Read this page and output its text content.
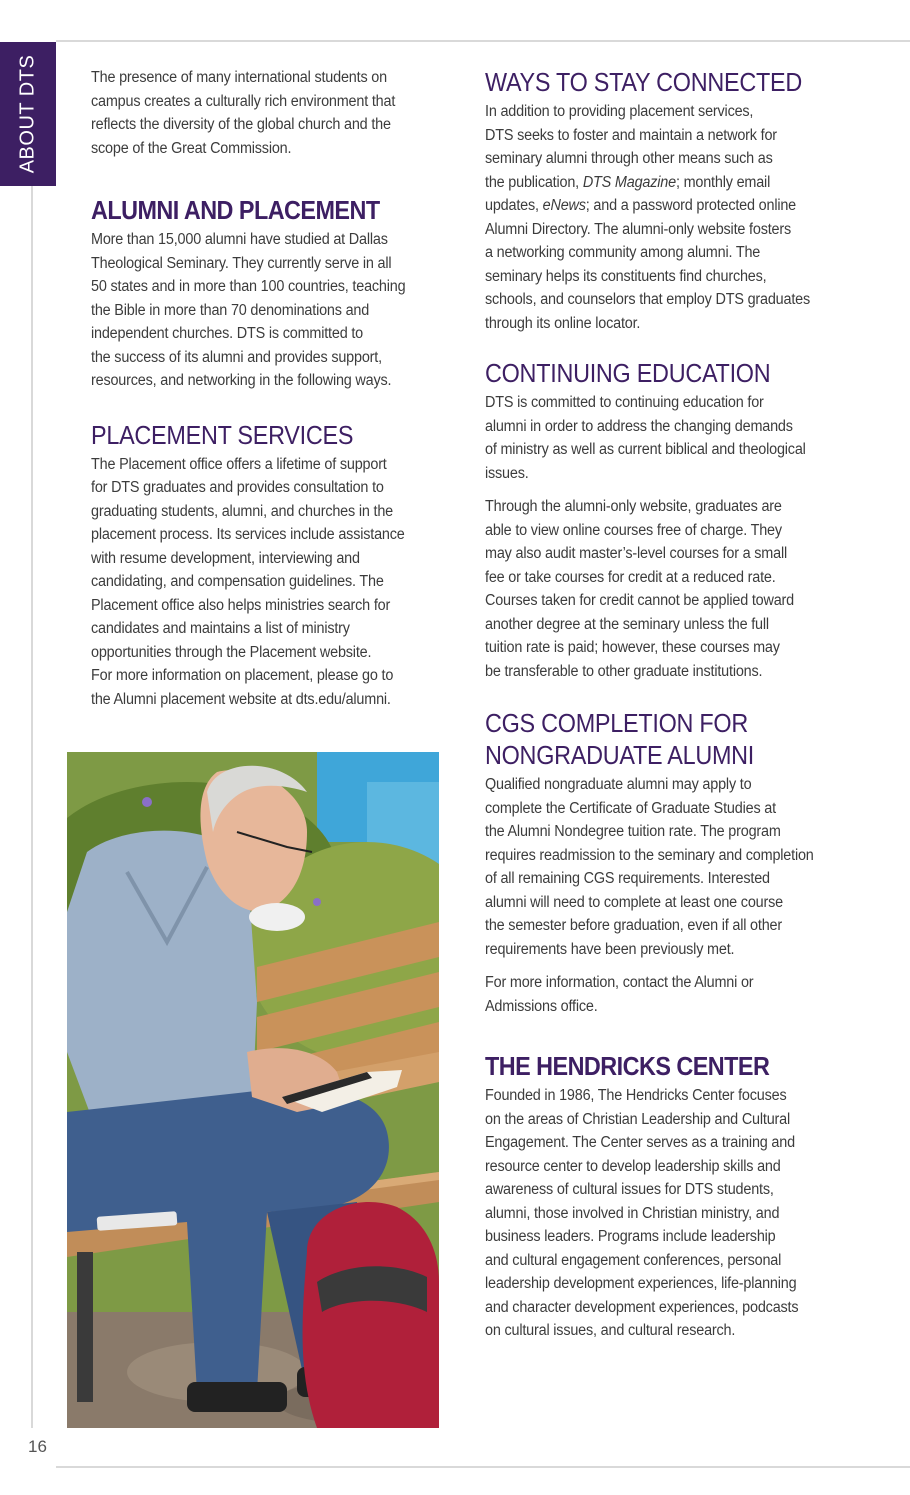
ABOUT DTS	The presence of many international students on
campus creates a culturally rich environment that
reflects the diversity of the global church and the
scope of the Great Commission.

ALUMNI AND PLACEMENT

More than 15,000 alumni have studied at Dallas
Theological Seminary. They currently serve in all
50 states and in more than 100 countries, teaching
the Bible in more than 70 denominations and
independent churches. DTS is committed to
the success of its alumni and provides support,
resources, and networking in the following ways.

PLACEMENT SERVICES

The Placement office offers a lifetime of support
for DTS graduates and provides consultation to
graduating students, alumni, and churches in the
placement process. Its services include assistance
with resume development, interviewing and
candidating, and compensation guidelines. The
Placement office also helps ministries search for
candidates and maintains a list of ministry
opportunities through the Placement website.
For more information on placement, please go to
the Alumni placement website at dts.edu/alumni.

WAYS TO STAY CONNECTED

In addition to providing placement services,
DTS seeks to foster and maintain a network for
seminary alumni through other means such as
the publication, DTS Magazine; monthly email
updates, eNews; and a password protected online
Alumni Directory. The alumni-only website fosters
a networking community among alumni. The
seminary helps its constituents find churches,
schools, and counselors that employ DTS graduates
through its online locator.

CONTINUING EDUCATION

DTS is committed to continuing education for
alumni in order to address the changing demands
of ministry as well as current biblical and theological
issues.

Through the alumni-only website, graduates are
able to view online courses free of charge. They
may also audit master’s-level courses for a small
fee or take courses for credit at a reduced rate.
Courses taken for credit cannot be applied toward
another degree at the seminary unless the full
tuition rate is paid; however, these courses may
be transferable to other graduate institutions.

CGS COMPLETION FOR
NONGRADUATE ALUMNI

Qualified nongraduate alumni may apply to
complete the Certificate of Graduate Studies at
the Alumni Nondegree tuition rate. The program
requires readmission to the seminary and completion
of all remaining CGS requirements. Interested
alumni will need to complete at least one course
the semester before graduation, even if all other
requirements have been previously met.

For more information, contact the Alumni or
Admissions office.

THE HENDRICKS CENTER

Founded in 1986, The Hendricks Center focuses
on the areas of Christian Leadership and Cultural
Engagement. The Center serves as a training and
resource center to develop leadership skills and
awareness of cultural issues for DTS students,
alumni, those involved in Christian ministry, and
business leaders. Programs include leadership
and cultural engagement conferences, personal
leadership development experiences, life-planning
and character development experiences, podcasts
on cultural issues, and cultural research.

16
